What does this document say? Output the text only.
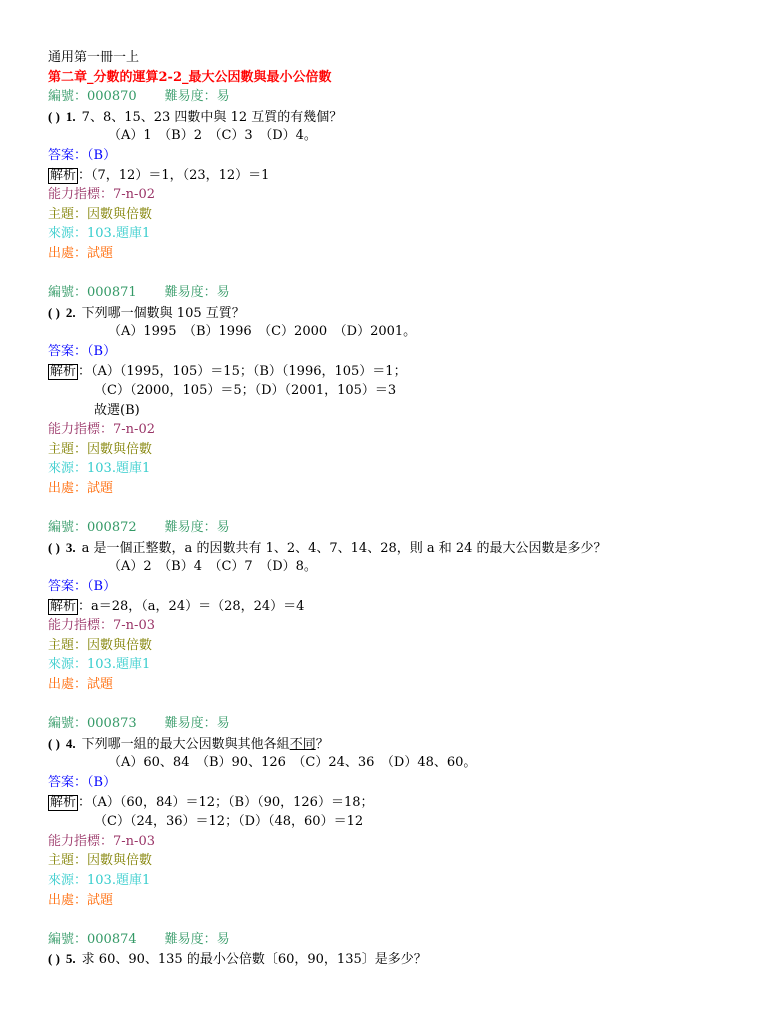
通用第一冊一上
第二章_分數的運算2-2_最大公因數與最小公倍數
編號：000870 難易度：易
( ) 1. 7、8、15、23 四數中與 12 互質的有幾個？
（A）1　（B）2　（C）3　（D）4。
答案：（B）
解析 ：（7，12）＝1，（23，12）＝1
能力指標：7-n-02
主題：因數與倍數
來源：103.題庫1
出處：試題
編號：000871 難易度：易
( ) 2. 下列哪一個數與 105 互質？
（A）1995　（B）1996　（C）2000　（D）2001。
答案：（B）
解析 ：（A）（1995，105）＝15；（B）（1996，105）＝1；
（C）（2000，105）＝5；（D）（2001，105）＝3
故選(B)
能力指標：7-n-02
主題：因數與倍數
來源：103.題庫1
出處：試題
編號：000872 難易度：易
( ) 3. a 是一個正整數，a 的因數共有 1、2、4、7、14、28，則 a 和 24 的最大公因數是多少？
（A）2　（B）4　（C）7　（D）8。
答案：（B）
解析 ：a＝28，（a，24）＝（28，24）＝4
能力指標：7-n-03
主題：因數與倍數
來源：103.題庫1
出處：試題
編號：000873 難易度：易
( ) 4. 下列哪一組的最大公因數與其他各組不同？
（A）60、84　（B）90、126　（C）24、36　（D）48、60。
答案：（B）
解析 ：（A）（60，84）＝12；（B）（90，126）＝18；
（C）（24，36）＝12；（D）（48，60）＝12
能力指標：7-n-03
主題：因數與倍數
來源：103.題庫1
出處：試題
編號：000874 難易度：易
( ) 5. 求 60、90、135 的最小公倍數〔60，90，135〕是多少？
